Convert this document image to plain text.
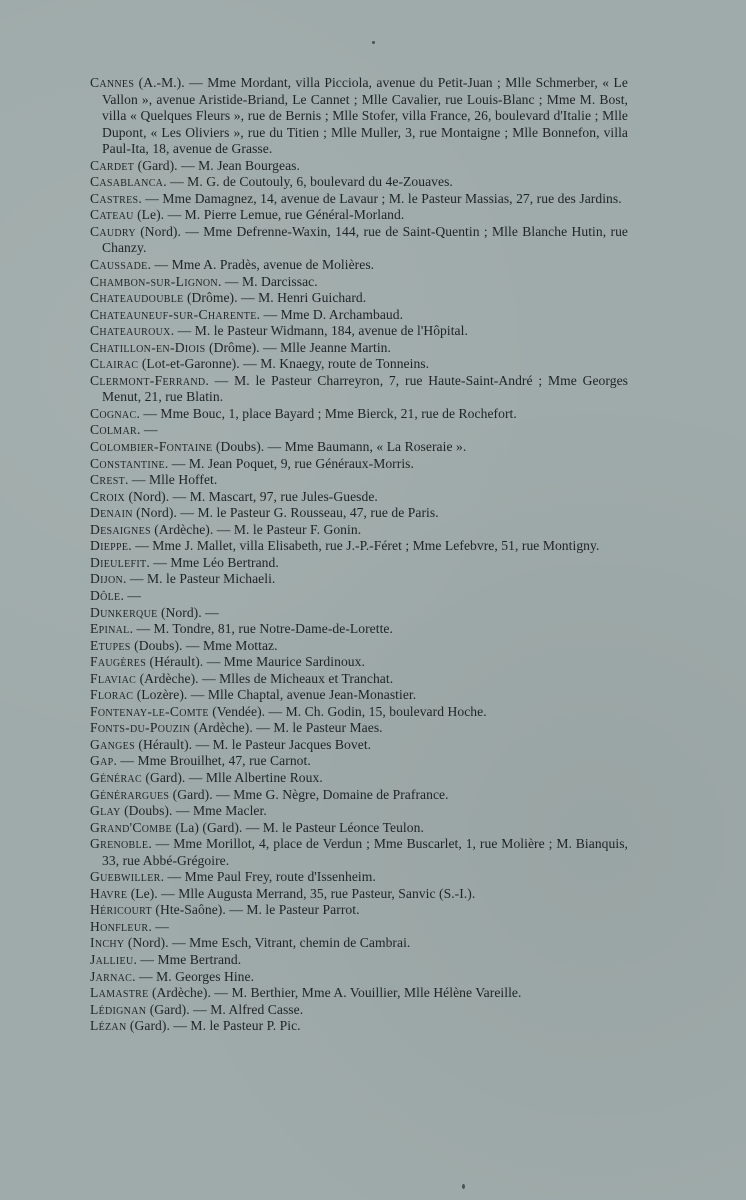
Cannes (A.-M.). — Mme Mordant, villa Picciola, avenue du Petit-Juan ; Mlle Schmerber, « Le Vallon », avenue Aristide-Briand, Le Cannet ; Mlle Cavalier, rue Louis-Blanc ; Mme M. Bost, villa « Quelques Fleurs », rue de Bernis ; Mlle Stofer, villa France, 26, boulevard d'Italie ; Mlle Dupont, « Les Oliviers », rue du Titien ; Mlle Muller, 3, rue Montaigne ; Mlle Bonnefon, villa Paul-Ita, 18, avenue de Grasse.

Cardet (Gard). — M. Jean Bourgeas.

Casablanca. — M. G. de Coutouly, 6, boulevard du 4e-Zouaves.

Castres. — Mme Damagnez, 14, avenue de Lavaur ; M. le Pasteur Massias, 27, rue des Jardins.

Cateau (Le). — M. Pierre Lemue, rue Général-Morland.

Caudry (Nord). — Mme Defrenne-Waxin, 144, rue de Saint-Quentin ; Mlle Blanche Hutin, rue Chanzy.

Caussade. — Mme A. Pradès, avenue de Molières.

Chambon-sur-Lignon. — M. Darcissac.

Chateaudouble (Drôme). — M. Henri Guichard.

Chateauneuf-sur-Charente. — Mme D. Archambaud.

Chateauroux. — M. le Pasteur Widmann, 184, avenue de l'Hôpital.

Chatillon-en-Diois (Drôme). — Mlle Jeanne Martin.

Clairac (Lot-et-Garonne). — M. Knaegy, route de Tonneins.

Clermont-Ferrand. — M. le Pasteur Charreyron, 7, rue Haute-Saint-André ; Mme Georges Menut, 21, rue Blatin.

Cognac. — Mme Bouc, 1, place Bayard ; Mme Bierck, 21, rue de Rochefort.

Colmar. —

Colombier-Fontaine (Doubs). — Mme Baumann, « La Roseraie ».

Constantine. — M. Jean Poquet, 9, rue Généraux-Morris.

Crest. — Mlle Hoffet.

Croix (Nord). — M. Mascart, 97, rue Jules-Guesde.

Denain (Nord). — M. le Pasteur G. Rousseau, 47, rue de Paris.

Desaignes (Ardèche). — M. le Pasteur F. Gonin.

Dieppe. — Mme J. Mallet, villa Elisabeth, rue J.-P.-Féret ; Mme Lefebvre, 51, rue Montigny.

Dieulefit. — Mme Léo Bertrand.

Dijon. — M. le Pasteur Michaeli.

Dôle. —

Dunkerque (Nord). —

Epinal. — M. Tondre, 81, rue Notre-Dame-de-Lorette.

Etupes (Doubs). — Mme Mottaz.

Faugères (Hérault). — Mme Maurice Sardinoux.

Flaviac (Ardèche). — Mlles de Micheaux et Tranchat.

Florac (Lozère). — Mlle Chaptal, avenue Jean-Monastier.

Fontenay-le-Comte (Vendée). — M. Ch. Godin, 15, boulevard Hoche.

Fonts-du-Pouzin (Ardèche). — M. le Pasteur Maes.

Ganges (Hérault). — M. le Pasteur Jacques Bovet.

Gap. — Mme Brouilhet, 47, rue Carnot.

Générac (Gard). — Mlle Albertine Roux.

Générargues (Gard). — Mme G. Nègre, Domaine de Prafrance.

Glay (Doubs). — Mme Macler.

Grand'Combe (La) (Gard). — M. le Pasteur Léonce Teulon.

Grenoble. — Mme Morillot, 4, place de Verdun ; Mme Buscarlet, 1, rue Molière ; M. Bianquis, 33, rue Abbé-Grégoire.

Guebwiller. — Mme Paul Frey, route d'Issenheim.

Havre (Le). — Mlle Augusta Merrand, 35, rue Pasteur, Sanvic (S.-I.).

Héricourt (Hte-Saône). — M. le Pasteur Parrot.

Honfleur. —

Inchy (Nord). — Mme Esch, Vitrant, chemin de Cambrai.

Jallieu. — Mme Bertrand.

Jarnac. — M. Georges Hine.

Lamastre (Ardèche). — M. Berthier, Mme A. Vouillier, Mlle Hélène Vareille.

Lédignan (Gard). — M. Alfred Casse.

Lézan (Gard). — M. le Pasteur P. Pic.
